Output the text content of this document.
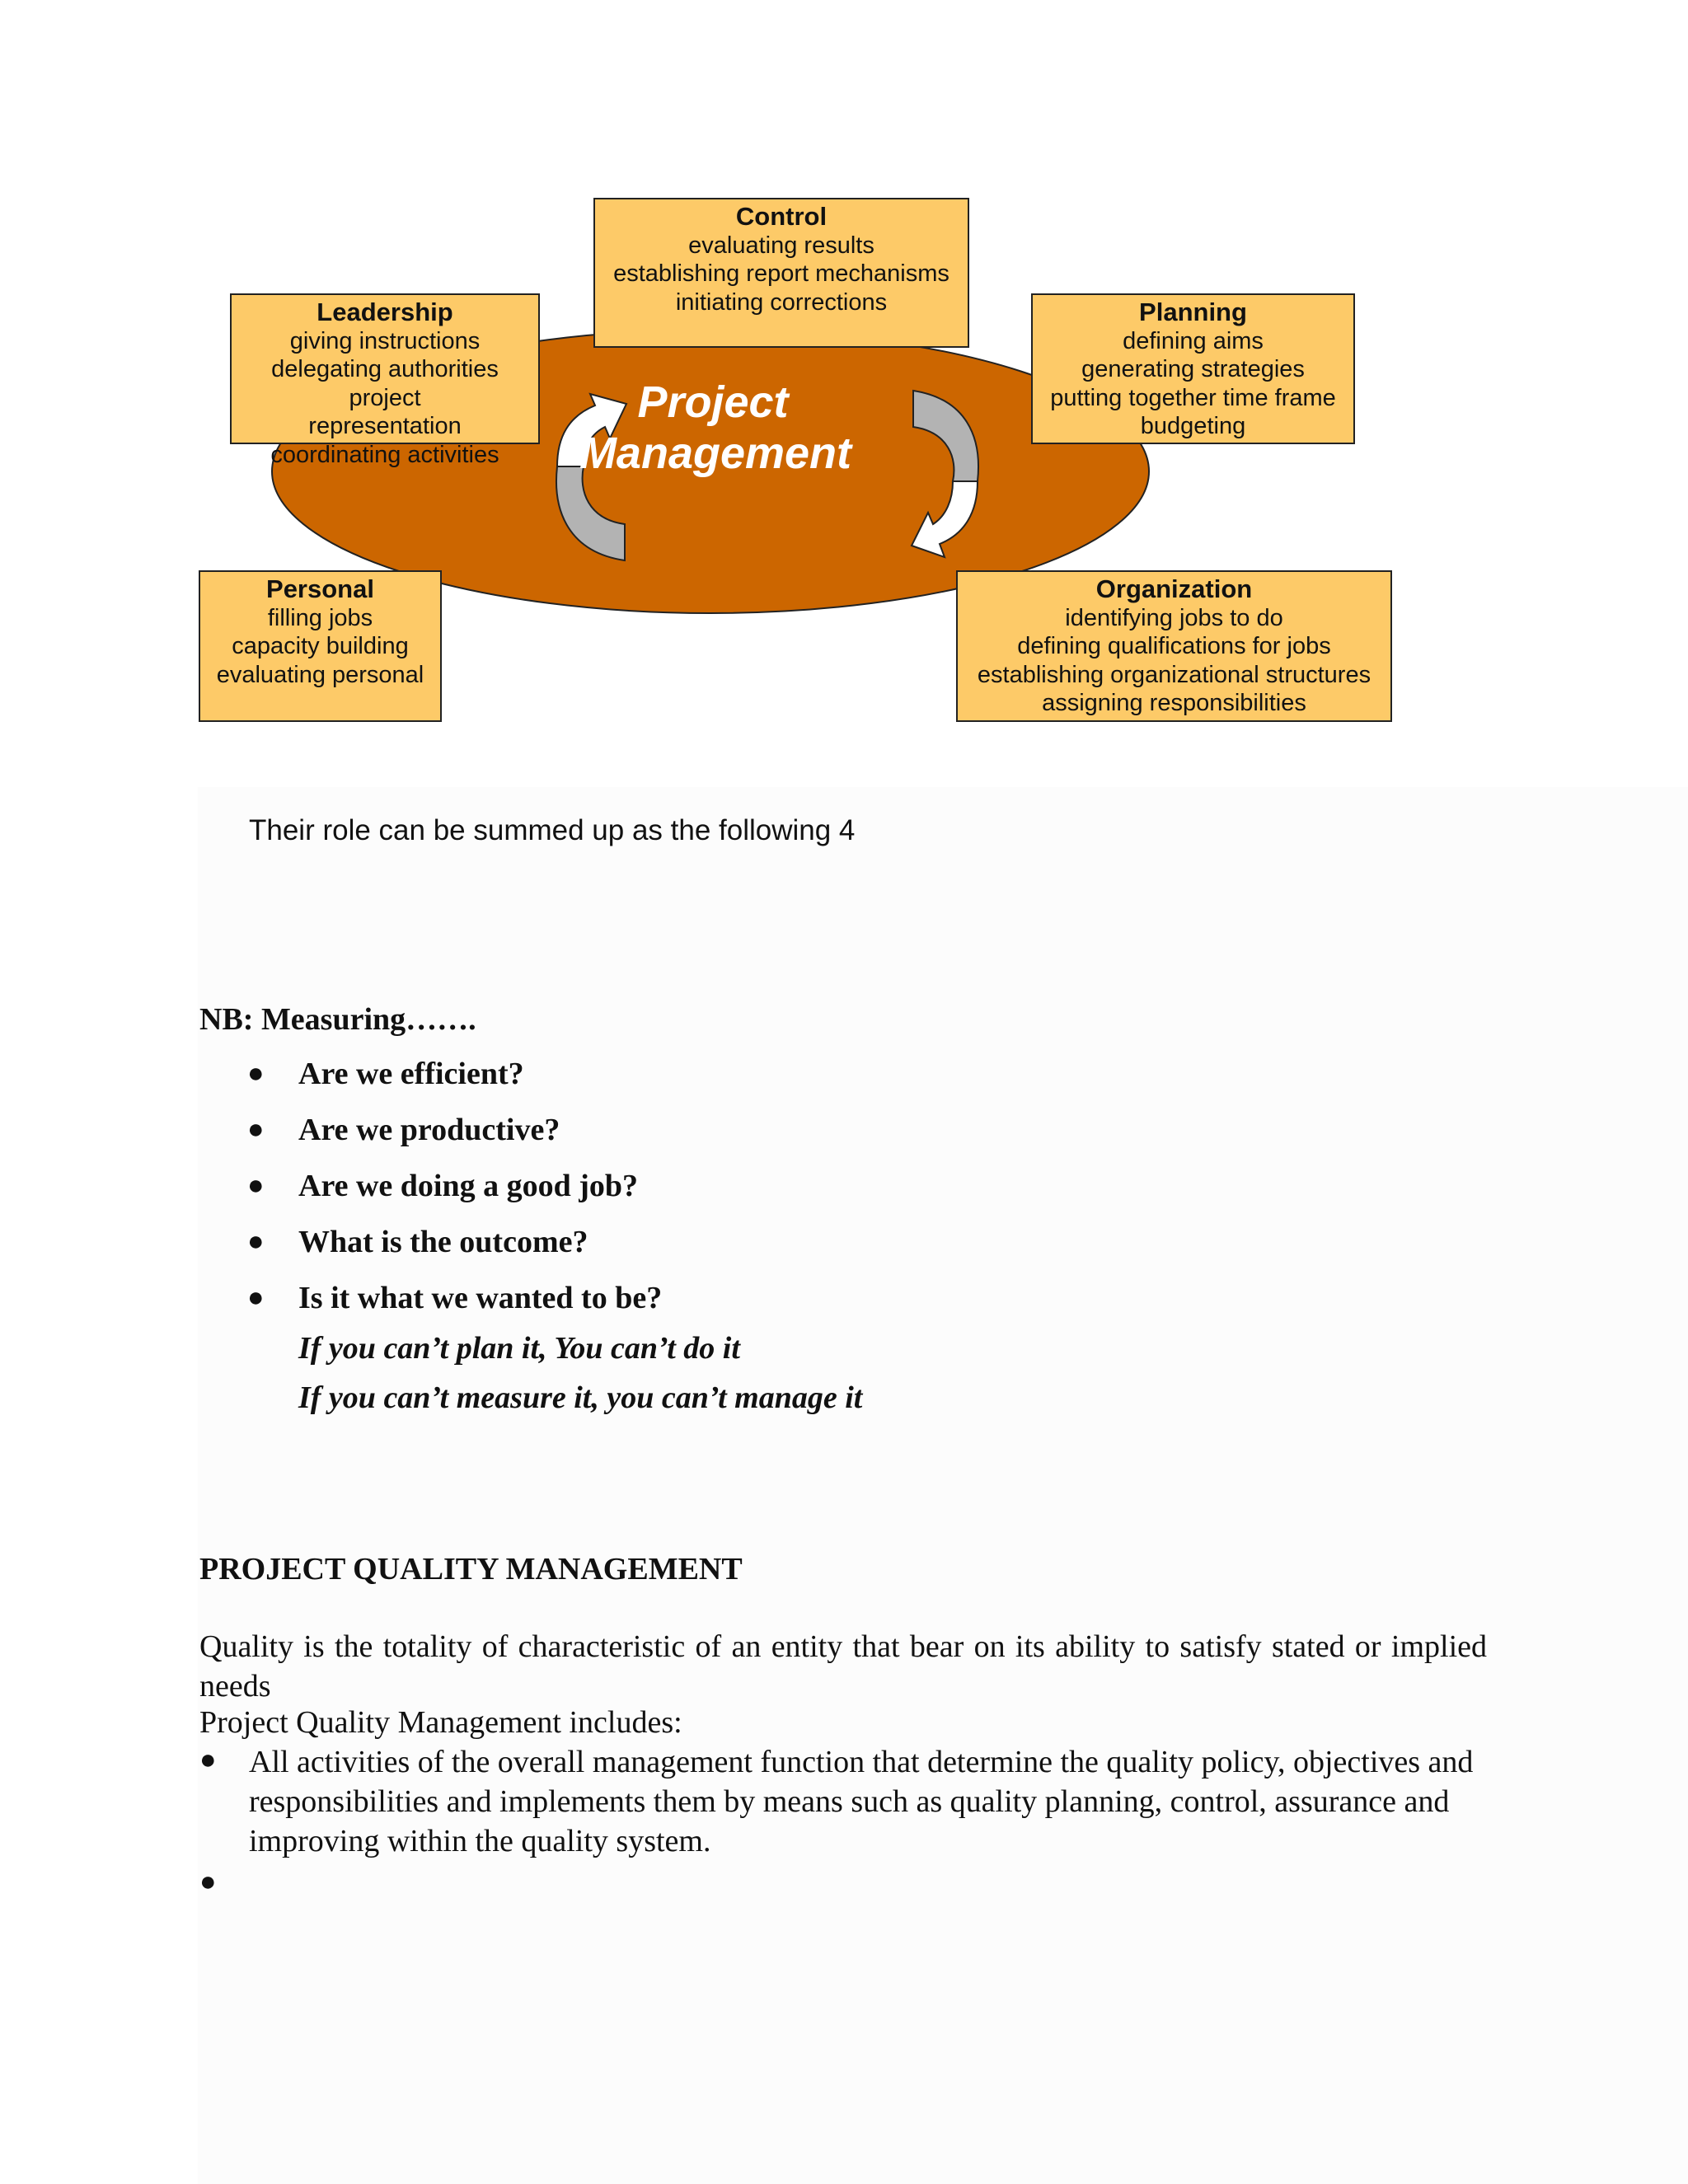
Project
Management
Control
evaluating results
establishing report mechanisms
initiating corrections
Leadership
giving instructions
delegating authorities
project
representation
coordinating activities
Planning
defining aims
generating strategies
putting together time frame
budgeting
Personal
filling jobs
capacity building
evaluating personal
Organization
identifying jobs to do
defining qualifications for jobs
establishing organizational structures
assigning responsibilities
Their role can be summed up as the following 4
NB: Measuring…….
● Are we efficient?
● Are we productive?
● Are we doing a good job?
● What is the outcome?
● Is it what we wanted to be?
If you can’t plan it, You can’t do it
If you can’t measure it, you can’t manage it
PROJECT QUALITY MANAGEMENT
Quality is the totality of characteristic of an entity that bear on its ability to satisfy stated or implied needs
Project Quality Management includes:
● All activities of the overall management function that determine the quality policy, objectives and responsibilities and implements them by means such as quality planning, control, assurance and improving within the quality system.
●
